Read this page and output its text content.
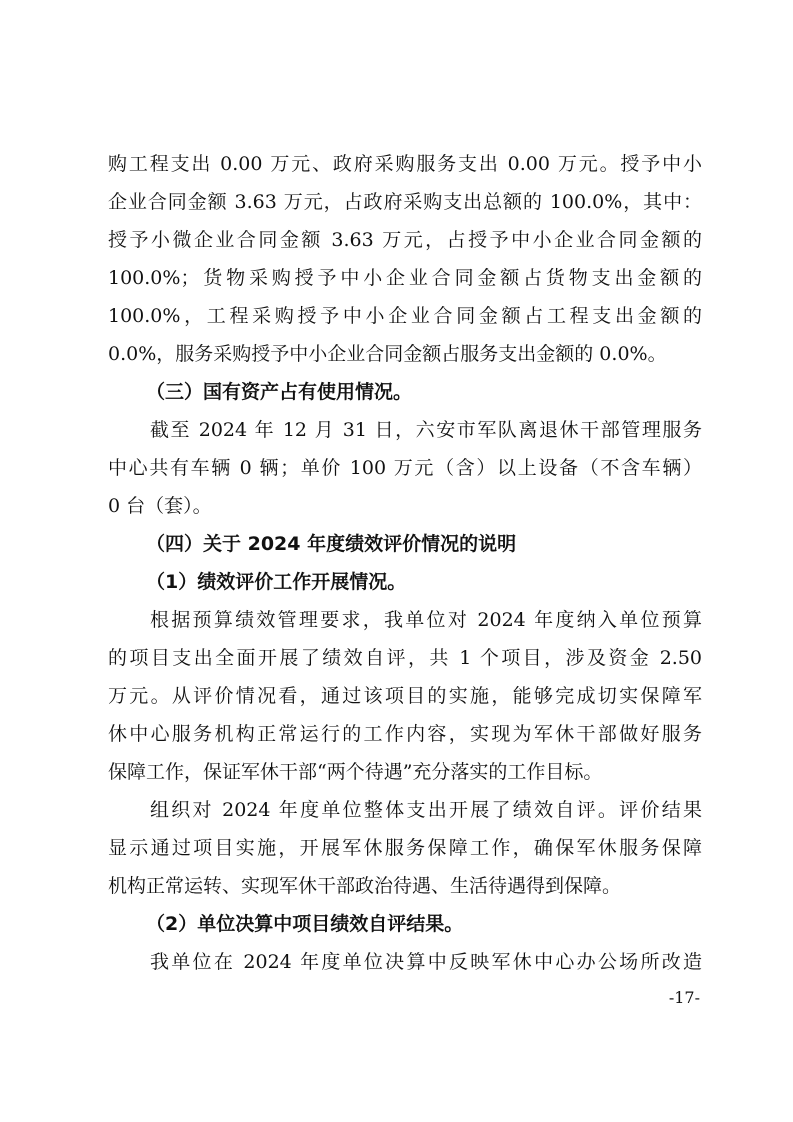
购工程支出 0.00 万元、政府采购服务支出 0.00 万元。授予中小
企业合同金额 3.63 万元，占政府采购支出总额的 100.0%，其中：
授予小微企业合同金额 3.63 万元，占授予中小企业合同金额的
100.0%；货物采购授予中小企业合同金额占货物支出金额的
100.0%，工程采购授予中小企业合同金额占工程支出金额的
0.0%，服务采购授予中小企业合同金额占服务支出金额的 0.0%。
（三）国有资产占有使用情况。
截至 2024 年 12 月 31 日，六安市军队离退休干部管理服务
中心共有车辆 0 辆；单价 100 万元（含）以上设备（不含车辆）
0 台（套）。
（四）关于 2024 年度绩效评价情况的说明
（1）绩效评价工作开展情况。
根据预算绩效管理要求，我单位对 2024 年度纳入单位预算
的项目支出全面开展了绩效自评，共 1 个项目，涉及资金 2.50
万元。从评价情况看，通过该项目的实施，能够完成切实保障军
休中心服务机构正常运行的工作内容，实现为军休干部做好服务
保障工作，保证军休干部“两个待遇”充分落实的工作目标。
组织对 2024 年度单位整体支出开展了绩效自评。评价结果
显示通过项目实施，开展军休服务保障工作，确保军休服务保障
机构正常运转、实现军休干部政治待遇、生活待遇得到保障。
（2）单位决算中项目绩效自评结果。
我单位在 2024 年度单位决算中反映军休中心办公场所改造
-17-
